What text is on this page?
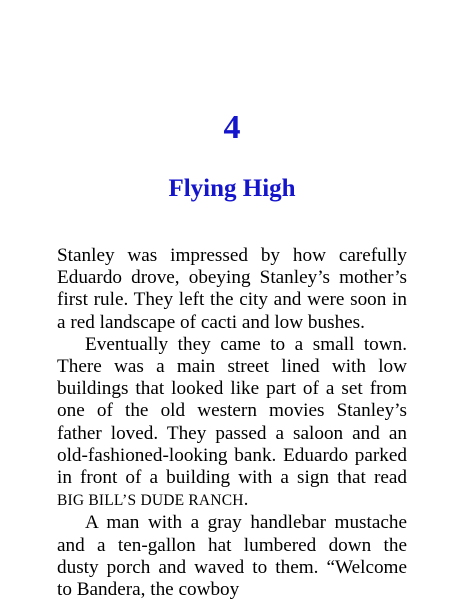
4
Flying High

Stanley was impressed by how carefully Eduardo drove, obeying Stanley’s mother’s first rule. They left the city and were soon in a red landscape of cacti and low bushes.

Eventually they came to a small town. There was a main street lined with low buildings that looked like part of a set from one of the old western movies Stanley’s father loved. They passed a saloon and an old-fashioned-looking bank. Eduardo parked in front of a building with a sign that read BIG BILL’S DUDE RANCH.

A man with a gray handlebar mustache and a ten-gallon hat lumbered down the dusty porch and waved to them. “Welcome to Bandera, the cowboy
